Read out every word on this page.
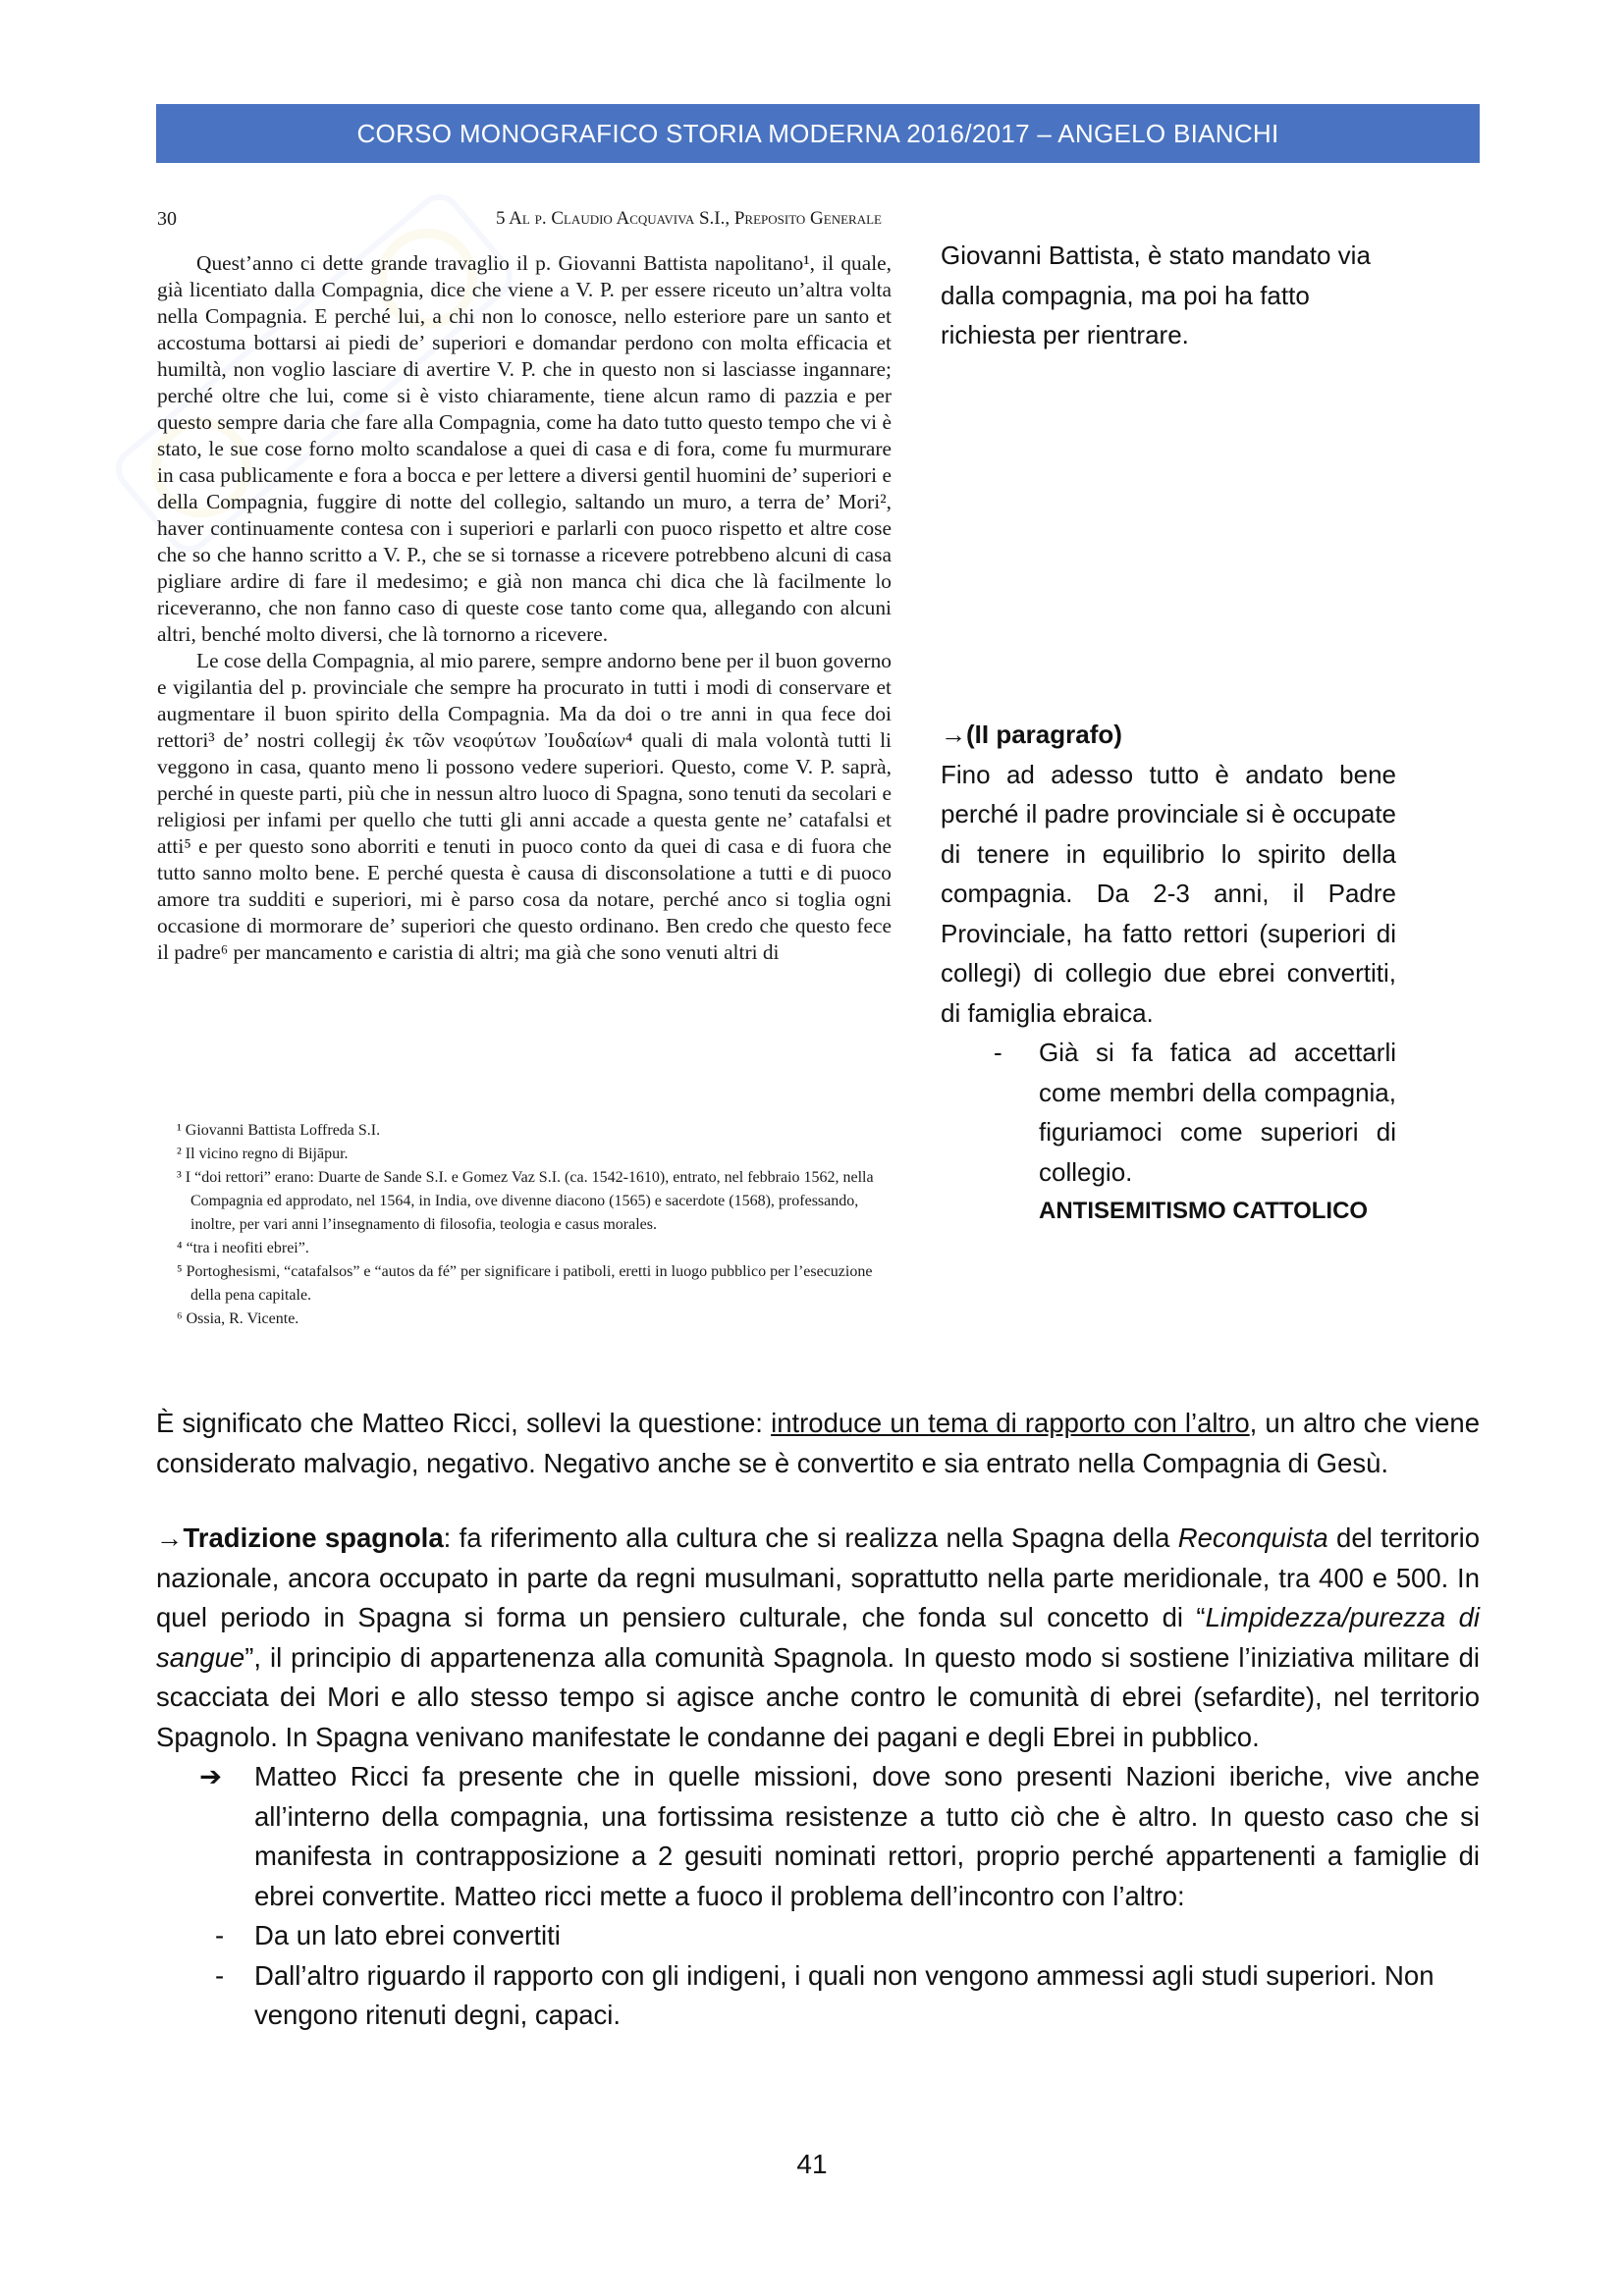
CORSO MONOGRAFICO STORIA MODERNA 2016/2017 – ANGELO BIANCHI
30	5 Al p. Claudio Acquaviva S.I., Preposito Generale

Quest’anno ci dette grande travaglio il p. Giovanni Battista napolitano¹, il quale, già licentiato dalla Compagnia, dice che viene a V. P. per essere riceuto un’altra volta nella Compagnia. E perché lui, a chi non lo conosce, nello esteriore pare un santo et accostuma bottarsi ai piedi de’ superiori e domandar perdono con molta efficacia et humiltà, non voglio lasciare di avertire V. P. che in questo non si lasciasse ingannare; perché oltre che lui, come si è visto chiaramente, tiene alcun ramo di pazzia e per questo sempre daria che fare alla Compagnia, come ha dato tutto questo tempo che vi è stato, le sue cose forno molto scandalose a quei di casa e di fora, come fu murmurare in casa publicamente e fora a bocca e per lettere a diversi gentil huomini de’ superiori e della Compagnia, fuggire di notte del collegio, saltando un muro, a terra de’ Mori², haver continuamente contesa con i superiori e parlarli con puoco rispetto et altre cose che so che hanno scritto a V. P., che se si tornasse a ricevere potrebbeno alcuni di casa pigliare ardire di fare il medesimo; e già non manca chi dica che là facilmente lo riceveranno, che non fanno caso di queste cose tanto come qua, allegando con alcuni altri, benché molto diversi, che là tornorno a ricevere.

Le cose della Compagnia, al mio parere, sempre andorno bene per il buon governo e vigilantia del p. provinciale che sempre ha procurato in tutti i modi di conservare et augmentare il buon spirito della Compagnia. Ma da doi o tre anni in qua fece doi rettori³ de’ nostri collegij ἐκ τῶν νεοφύτων Ἰουδαίων⁴ quali di mala volontà tutti li veggono in casa, quanto meno li possono vedere superiori. Questo, come V. P. saprà, perché in queste parti, più che in nessun altro luoco di Spagna, sono tenuti da secolari e religiosi per infami per quello che tutti gli anni accade a questa gente ne’ catafalsi et atti⁵ e per questo sono aborriti e tenuti in puoco conto da quei di casa e di fuora che tutto sanno molto bene. E perché questa è causa di disconsolatione a tutti e di puoco amore tra sudditi e superiori, mi è parso cosa da notare, perché anco si toglia ogni occasione di mormorare de’ superiori che questo ordinano. Ben credo che questo fece il padre⁶ per mancamento e caristia di altri; ma già che sono venuti altri di

¹ Giovanni Battista Loffreda S.I.
² Il vicino regno di Bijāpur.
³ I “doi rettori” erano: Duarte de Sande S.I. e Gomez Vaz S.I. (ca. 1542-1610), entrato, nel febbraio 1562, nella Compagnia ed approdato, nel 1564, in India, ove divenne diacono (1565) e sacerdote (1568), professando, inoltre, per vari anni l’insegnamento di filosofia, teologia e casus morales.
⁴ “tra i neofiti ebrei”.
⁵ Portoghesismi, “catafalsos” e “autos da fé” per significare i patiboli, eretti in luogo pubblico per l’esecuzione della pena capitale.
⁶ Ossia, R. Vicente.

Giovanni Battista, è stato mandato via dalla compagnia, ma poi ha fatto richiesta per rientrare.

→(II paragrafo)
Fino ad adesso tutto è andato bene perché il padre provinciale si è occupate di tenere in equilibrio lo spirito della compagnia. Da 2-3 anni, il Padre Provinciale, ha fatto rettori (superiori di collegi) di collegio due ebrei convertiti, di famiglia ebraica.
-	Già si fa fatica ad accettarli come membri della compagnia, figuriamoci come superiori di collegio.
ANTISEMITISMO CATTOLICO

È significato che Matteo Ricci, sollevi la questione: introduce un tema di rapporto con l’altro, un altro che viene considerato malvagio, negativo. Negativo anche se è convertito e sia entrato nella Compagnia di Gesù.

→Tradizione spagnola: fa riferimento alla cultura che si realizza nella Spagna della Reconquista del territorio nazionale, ancora occupato in parte da regni musulmani, soprattutto nella parte meridionale, tra 400 e 500. In quel periodo in Spagna si forma un pensiero culturale, che fonda sul concetto di “Limpidezza/purezza di sangue”, il principio di appartenenza alla comunità Spagnola. In questo modo si sostiene l’iniziativa militare di scacciata dei Mori e allo stesso tempo si agisce anche contro le comunità di ebrei (sefardite), nel territorio Spagnolo. In Spagna venivano manifestate le condanne dei pagani e degli Ebrei in pubblico.

➔	Matteo Ricci fa presente che in quelle missioni, dove sono presenti Nazioni iberiche, vive anche all’interno della compagnia, una fortissima resistenze a tutto ciò che è altro. In questo caso che si manifesta in contrapposizione a 2 gesuiti nominati rettori, proprio perché appartenenti a famiglie di ebrei convertite. Matteo ricci mette a fuoco il problema dell’incontro con l’altro:
-	Da un lato ebrei convertiti
-	Dall’altro riguardo il rapporto con gli indigeni, i quali non vengono ammessi agli studi superiori. Non vengono ritenuti degni, capaci.
41
